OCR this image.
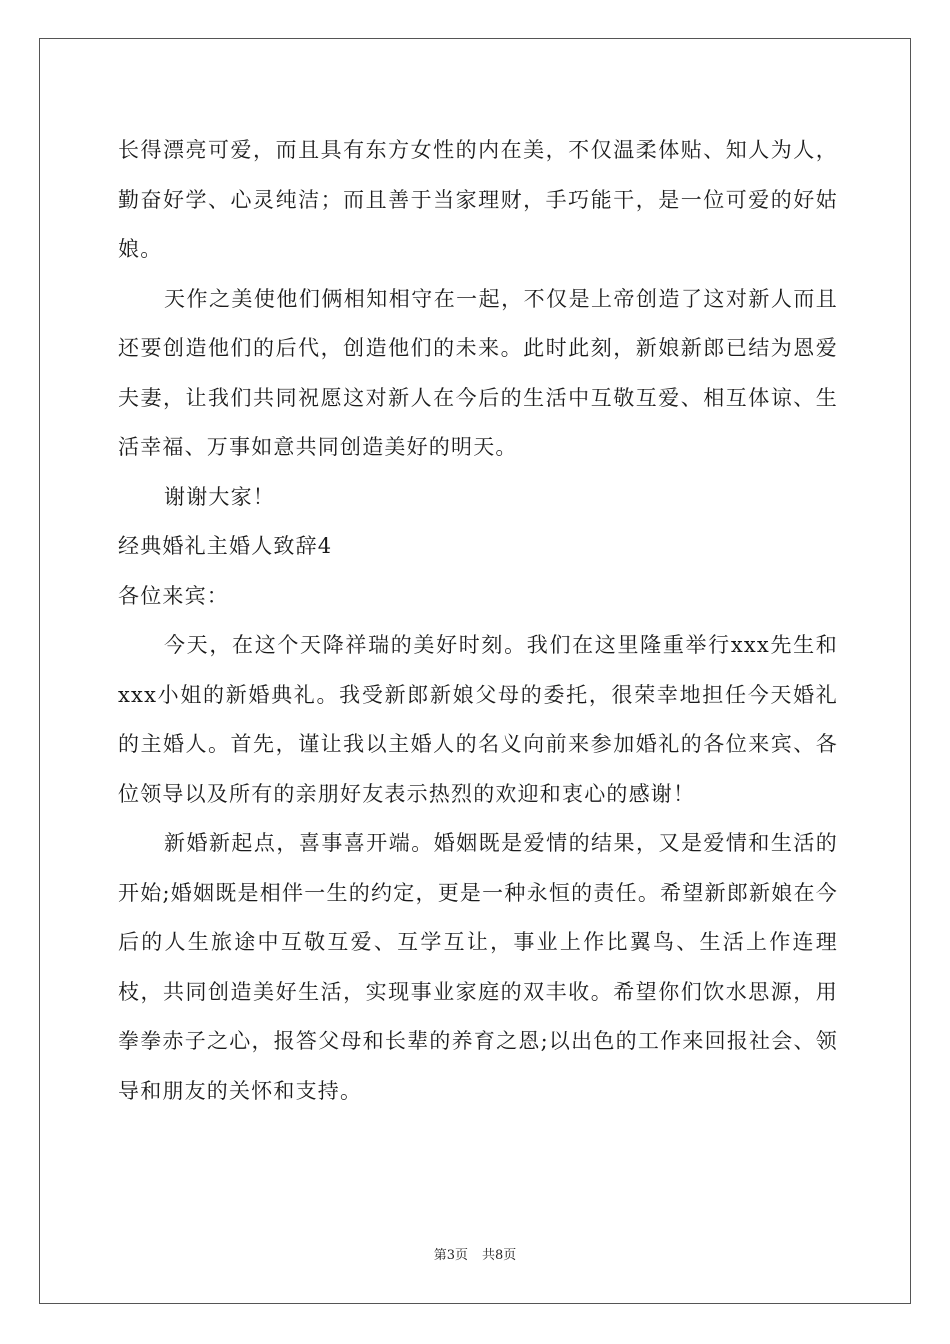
长得漂亮可爱，而且具有东方女性的内在美，不仅温柔体贴、知人为人，勤奋好学、心灵纯洁；而且善于当家理财，手巧能干，是一位可爱的好姑娘。

天作之美使他们俩相知相守在一起，不仅是上帝创造了这对新人而且还要创造他们的后代，创造他们的未来。此时此刻，新娘新郎已结为恩爱夫妻，让我们共同祝愿这对新人在今后的生活中互敬互爱、相互体谅、生活幸福、万事如意共同创造美好的明天。

谢谢大家！

经典婚礼主婚人致辞4

各位来宾：

今天，在这个天降祥瑞的美好时刻。我们在这里隆重举行xxx先生和xxx小姐的新婚典礼。我受新郎新娘父母的委托，很荣幸地担任今天婚礼的主婚人。首先，谨让我以主婚人的名义向前来参加婚礼的各位来宾、各位领导以及所有的亲朋好友表示热烈的欢迎和衷心的感谢！

新婚新起点，喜事喜开端。婚姻既是爱情的结果，又是爱情和生活的开始;婚姻既是相伴一生的约定，更是一种永恒的责任。希望新郎新娘在今后的人生旅途中互敬互爱、互学互让，事业上作比翼鸟、生活上作连理枝，共同创造美好生活，实现事业家庭的双丰收。希望你们饮水思源，用拳拳赤子之心，报答父母和长辈的养育之恩;以出色的工作来回报社会、领导和朋友的关怀和支持。

第3页 共8页
